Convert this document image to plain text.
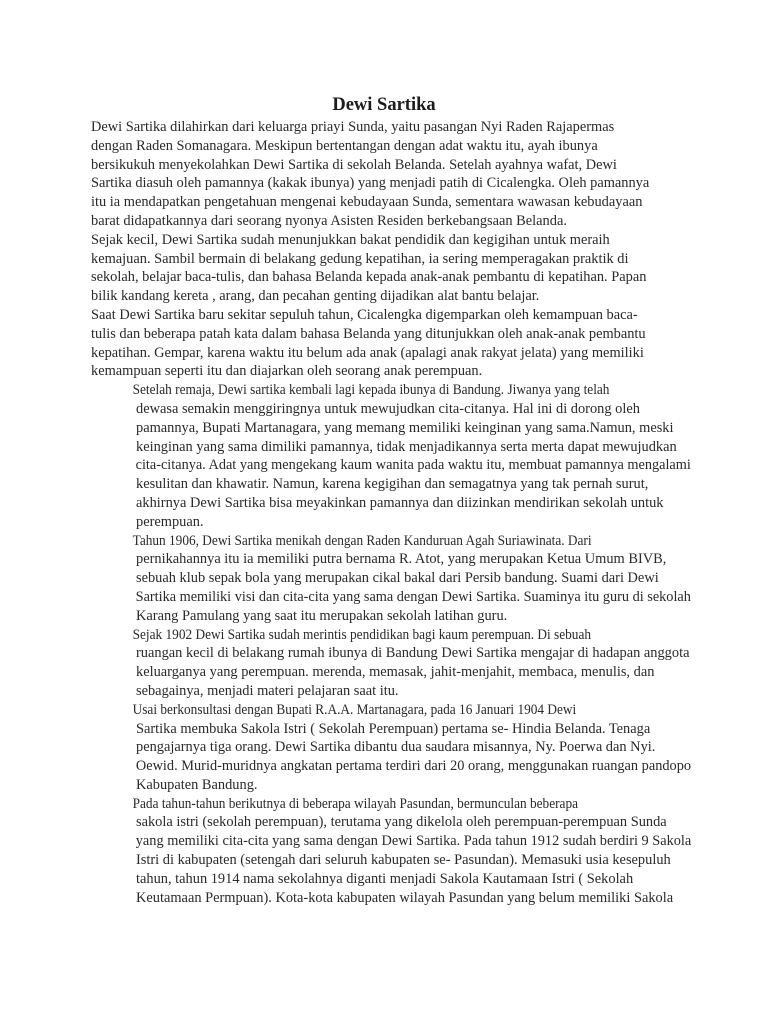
Dewi Sartika
Dewi Sartika dilahirkan dari keluarga priayi Sunda, yaitu pasangan Nyi Raden Rajapermas
dengan Raden Somanagara. Meskipun bertentangan dengan adat waktu itu, ayah ibunya
bersikukuh menyekolahkan Dewi Sartika di sekolah Belanda. Setelah ayahnya wafat, Dewi
Sartika diasuh oleh pamannya (kakak ibunya) yang menjadi patih di Cicalengka. Oleh pamannya
itu ia mendapatkan pengetahuan mengenai kebudayaan Sunda, sementara wawasan kebudayaan
barat didapatkannya dari seorang nyonya Asisten Residen berkebangsaan Belanda.
Sejak kecil, Dewi Sartika sudah menunjukkan bakat pendidik dan kegigihan untuk meraih
kemajuan. Sambil bermain di belakang gedung kepatihan, ia sering memperagakan praktik di
sekolah, belajar baca-tulis, dan bahasa Belanda kepada anak-anak pembantu di kepatihan. Papan
bilik kandang kereta , arang, dan pecahan genting dijadikan alat bantu belajar.
Saat Dewi Sartika baru sekitar sepuluh tahun, Cicalengka digemparkan oleh kemampuan baca-
tulis dan beberapa patah kata dalam bahasa Belanda yang ditunjukkan oleh anak-anak pembantu
kepatihan. Gempar, karena waktu itu belum ada anak (apalagi anak rakyat jelata) yang memiliki
kemampuan seperti itu dan diajarkan oleh seorang anak perempuan.
Setelah remaja, Dewi sartika kembali lagi kepada ibunya di Bandung. Jiwanya yang telah
dewasa semakin menggiringnya untuk mewujudkan cita-citanya. Hal ini di dorong oleh
pamannya, Bupati Martanagara, yang memang memiliki keinginan yang sama.Namun, meski
keinginan yang sama dimiliki pamannya, tidak menjadikannya serta merta dapat mewujudkan
cita-citanya. Adat yang mengekang kaum wanita pada waktu itu, membuat pamannya mengalami
kesulitan dan khawatir. Namun, karena kegigihan dan semagatnya yang tak pernah surut,
akhirnya Dewi Sartika bisa meyakinkan pamannya dan diizinkan mendirikan sekolah untuk
perempuan.
Tahun 1906, Dewi Sartika menikah dengan Raden Kanduruan Agah Suriawinata. Dari
pernikahannya itu ia memiliki putra bernama R. Atot, yang merupakan Ketua Umum BIVB,
sebuah klub sepak bola yang merupakan cikal bakal dari Persib bandung. Suami dari Dewi
Sartika memiliki visi dan cita-cita yang sama dengan Dewi Sartika. Suaminya itu guru di sekolah
Karang Pamulang yang saat itu merupakan sekolah latihan guru.
Sejak 1902 Dewi Sartika sudah merintis pendidikan bagi kaum perempuan. Di sebuah
ruangan kecil di belakang rumah ibunya di Bandung Dewi Sartika mengajar di hadapan anggota
keluarganya yang perempuan. merenda, memasak, jahit-menjahit, membaca, menulis, dan
sebagainya, menjadi materi pelajaran saat itu.
Usai berkonsultasi dengan Bupati R.A.A. Martanagara, pada 16 Januari 1904 Dewi
Sartika membuka Sakola Istri ( Sekolah Perempuan) pertama se- Hindia Belanda. Tenaga
pengajarnya tiga orang. Dewi Sartika dibantu dua saudara misannya, Ny. Poerwa dan Nyi.
Oewid. Murid-muridnya angkatan pertama terdiri dari 20 orang, menggunakan ruangan pandopo
Kabupaten Bandung.
Pada tahun-tahun berikutnya di beberapa wilayah Pasundan, bermunculan beberapa
sakola istri (sekolah perempuan), terutama yang dikelola oleh perempuan-perempuan Sunda
yang memiliki cita-cita yang sama dengan Dewi Sartika. Pada tahun 1912 sudah berdiri 9 Sakola
Istri di kabupaten (setengah dari seluruh kabupaten se- Pasundan). Memasuki usia kesepuluh
tahun, tahun 1914 nama sekolahnya diganti menjadi Sakola Kautamaan Istri ( Sekolah
Keutamaan Permpuan). Kota-kota kabupaten wilayah Pasundan yang belum memiliki Sakola
